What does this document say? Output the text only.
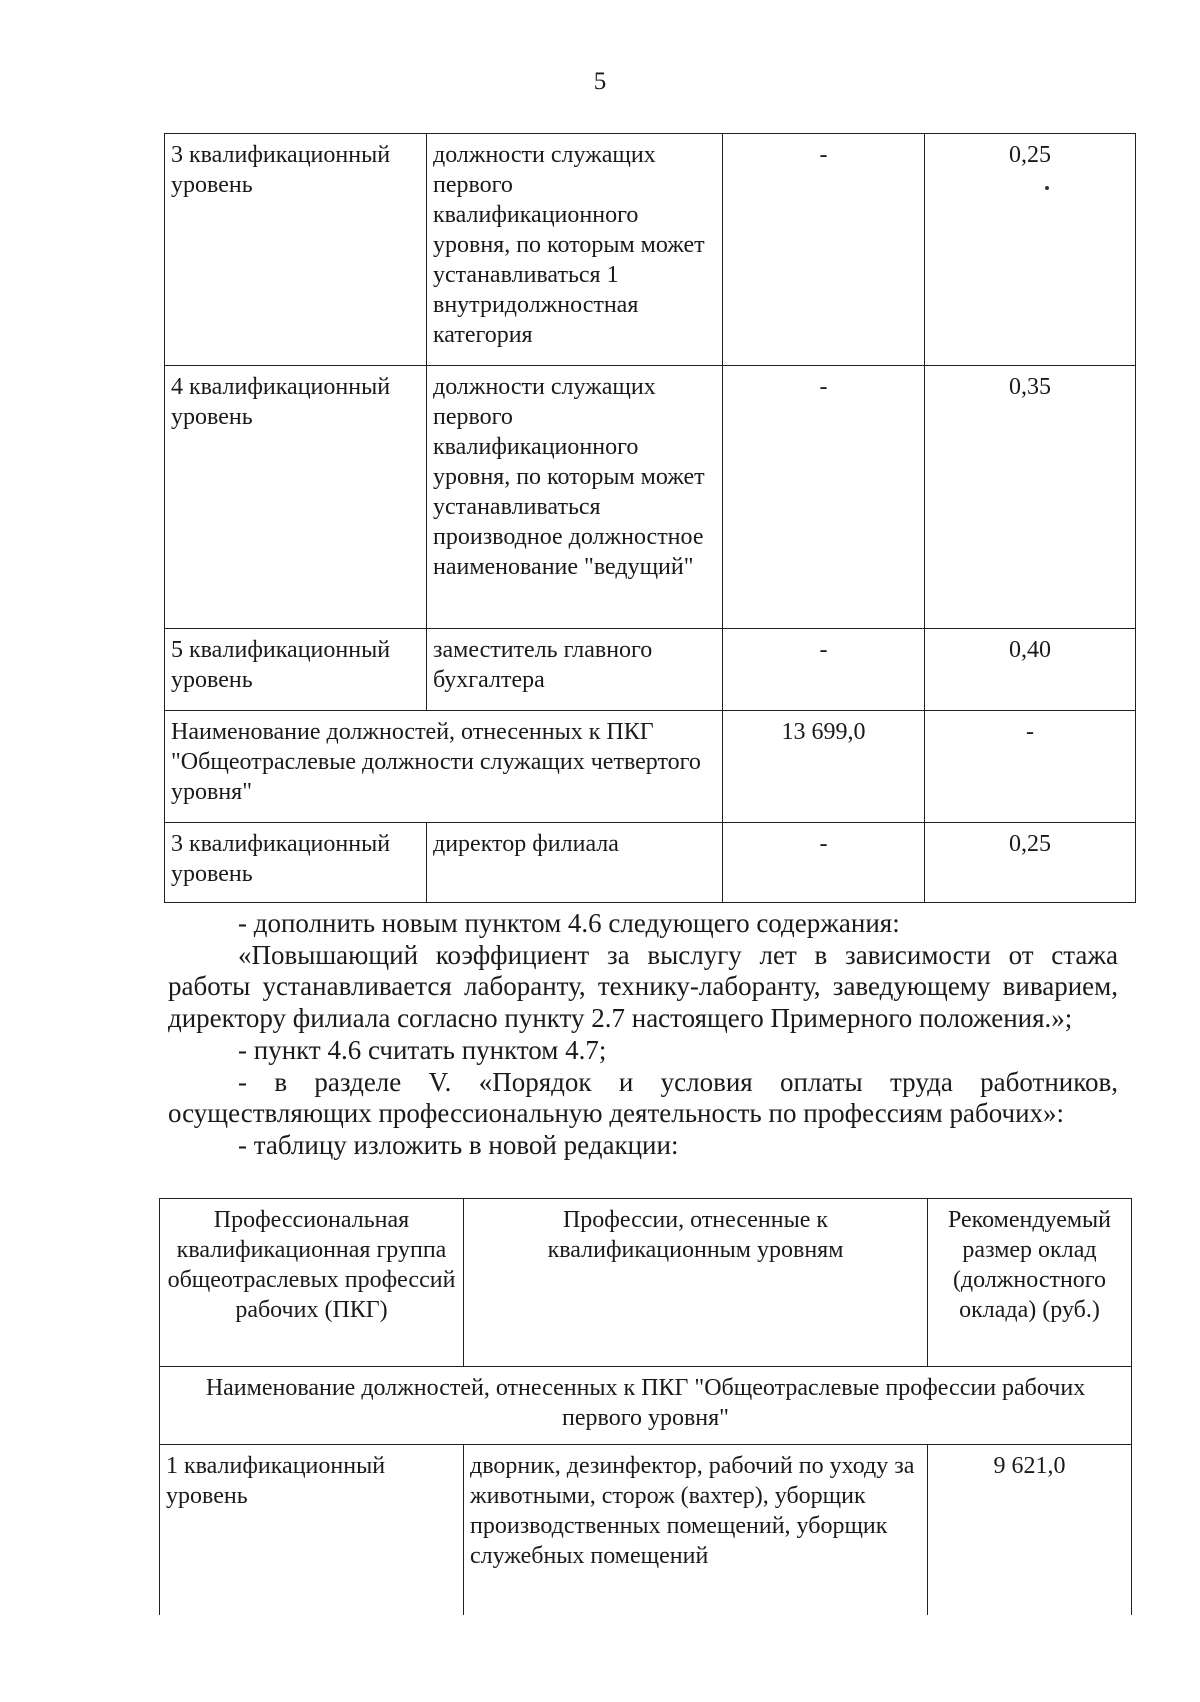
5
3 квалификационный уровень	должности служащих первого квалификационного уровня, по которым может устанавливаться 1 внутридолжностная категория	-	0,25
4 квалификационный уровень	должности служащих первого квалификационного уровня, по которым может устанавливаться производное должностное наименование "ведущий"	-	0,35
5 квалификационный уровень	заместитель главного бухгалтера	-	0,40
Наименование должностей, отнесенных к ПКГ "Общеотраслевые должности служащих четвертого уровня"		13 699,0	-
3 квалификационный уровень	директор филиала	-	0,25

- дополнить новым пунктом 4.6 следующего содержания:

«Повышающий коэффициент за выслугу лет в зависимости от стажа работы устанавливается лаборанту, технику-лаборанту, заведующему виварием, директору филиала согласно пункту 2.7 настоящего Примерного положения.»;

- пункт 4.6 считать пунктом 4.7;

- в разделе V. «Порядок и условия оплаты труда работников, осуществляющих профессиональную деятельность по профессиям рабочих»:

- таблицу изложить в новой редакции:

Профессиональная квалификационная группа общеотраслевых профессий рабочих (ПКГ)	Профессии, отнесенные к квалификационным уровням	Рекомендуемый размер оклад (должностного оклада) (руб.)
Наименование должностей, отнесенных к ПКГ "Общеотраслевые профессии рабочих первого уровня"		
1 квалификационный уровень	дворник, дезинфектор, рабочий по уходу за животными, сторож (вахтер), уборщик производственных помещений, уборщик служебных помещений	9 621,0
